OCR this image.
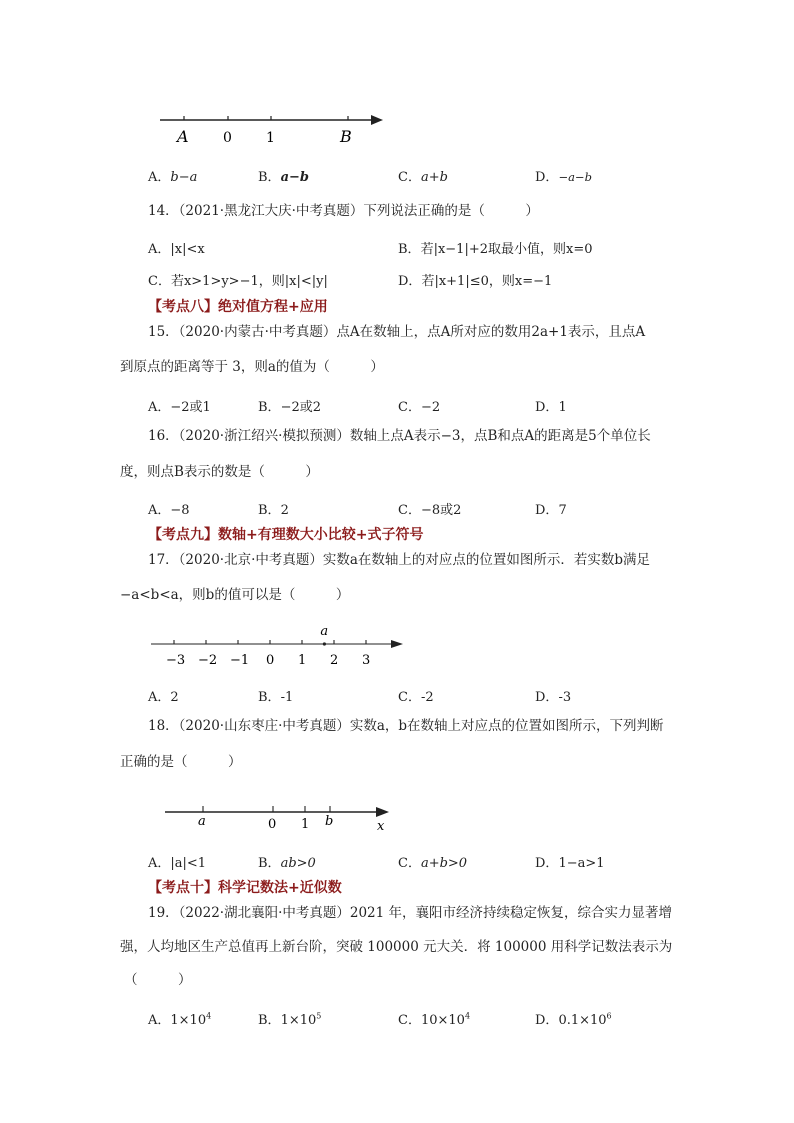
A 0 1	B
A．b−a	B．a−b	C．a+b	D．−a−b
14．（2021·黑龙江大庆·中考真题）下列说法正确的是（　　　）
A．|x|<x	B．若|x−1|+2取最小值，则x=0
C．若x>1>y>−1，则|x|<|y|	D．若|x+1|≤0，则x=−1
【考点八】绝对值方程+应用
15．（2020·内蒙古·中考真题）点A在数轴上，点A所对应的数用2a+1表示，且点A
到原点的距离等于 3，则a的值为（　　　）
A．−2或1	B．−2或2	C．−2	D．1
16．（2020·浙江绍兴·模拟预测）数轴上点A表示−3，点B和点A的距离是5个单位长
度，则点B表示的数是（　　　）
A．−8	B．2	C．−8或2	D．7
【考点九】数轴+有理数大小比较+式子符号
17．（2020·北京·中考真题）实数a在数轴上的对应点的位置如图所示．若实数b满足
−a<b<a，则b的值可以是（　　　）
−3 −2 −1 0 1 2 3
a
A．2	B．-1	C．-2	D．-3
18．（2020·山东枣庄·中考真题）实数a，b在数轴上对应点的位置如图所示，下列判断
正确的是（　　　）
a	0 1 b	x
A．|a|<1	B．ab>0	C．a+b>0	D．1−a>1
【考点十】科学记数法+近似数
19．（2022·湖北襄阳·中考真题）2021 年，襄阳市经济持续稳定恢复，综合实力显著增
强，人均地区生产总值再上新台阶，突破 100000 元大关．将 100000 用科学记数法表示为
（　　　）
A．$1\times 10^4$	B．$1\times 10^5$	C．$10\times 10^4$	D．$0.1\times 10^6$
